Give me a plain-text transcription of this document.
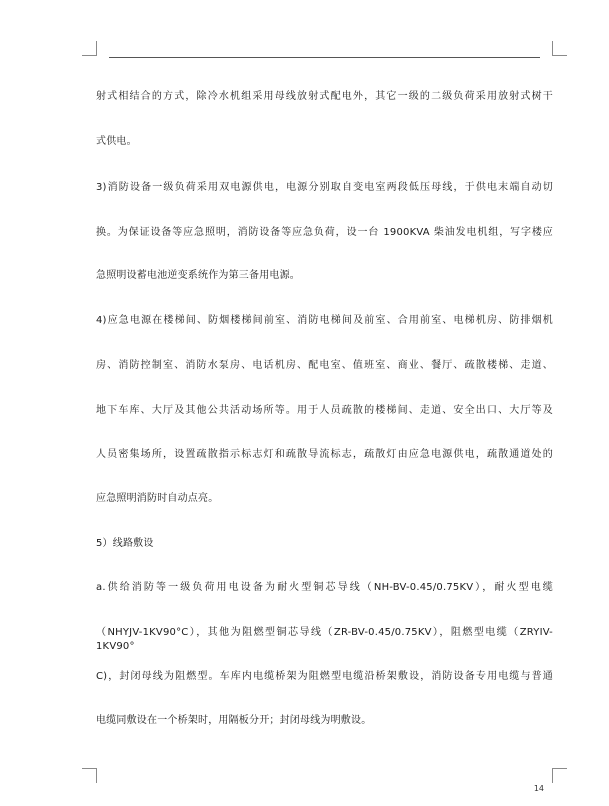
射式相结合的方式，除冷水机组采用母线放射式配电外，其它一级的二级负荷采用放射式树干
式供电。
3)消防设备一级负荷采用双电源供电，电源分别取自变电室两段低压母线，于供电末端自动切
换。为保证设备等应急照明，消防设备等应急负荷，设一台 1900KVA 柴油发电机组，写字楼应
急照明设蓄电池逆变系统作为第三备用电源。
4)应急电源在楼梯间、防烟楼梯间前室、消防电梯间及前室、合用前室、电梯机房、防排烟机
房、消防控制室、消防水泵房、电话机房、配电室、值班室、商业、餐厅、疏散楼梯、走道、
地下车库、大厅及其他公共活动场所等。用于人员疏散的楼梯间、走道、安全出口、大厅等及
人员密集场所，设置疏散指示标志灯和疏散导流标志，疏散灯由应急电源供电，疏散通道处的
应急照明消防时自动点亮。
5）线路敷设
a.供给消防等一级负荷用电设备为耐火型铜芯导线（NH-BV-0.45/0.75KV），耐火型电缆
（NHYJV-1KV90°C），其他为阻燃型铜芯导线（ZR-BV-0.45/0.75KV），阻燃型电缆（ZRYIV-1KV90°
C)，封闭母线为阻燃型。车库内电缆桥架为阻燃型电缆沿桥架敷设，消防设备专用电缆与普通
电缆同敷设在一个桥架时，用隔板分开；封闭母线为明敷设。
14
